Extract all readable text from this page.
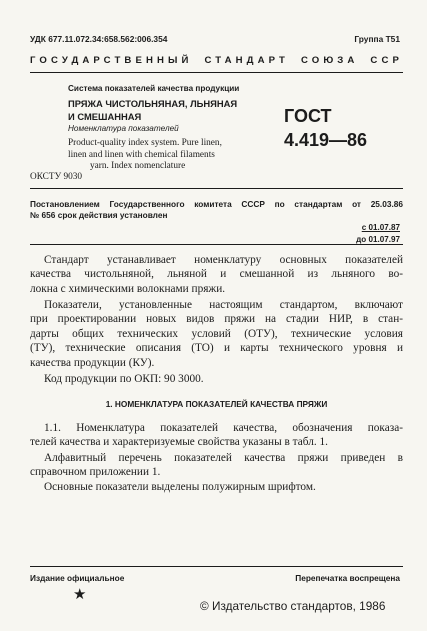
УДК 677.11.072.34:658.562:006.354	Группа Т51
ГОСУДАРСТВЕННЫЙ СТАНДАРТ СОЮЗА ССР
Система показателей качества продукции
ПРЯЖА ЧИСТОЛЬНЯНАЯ, ЛЬНЯНАЯ
И СМЕШАННАЯ
Номенклатура показателей
Product-quality index system. Pure linen,
linen and linen with chemical filaments
yarn. Index nomenclature
ОКСТУ 9030
ГОСТ
4.419—86
Постановлением Государственного комитета СССР по стандартам от 25.03.86
№ 656 срок действия установлен
с 01.07.87
до 01.07.97
Стандарт устанавливает номенклатуру основных показателей
качества чистольняной, льняной и смешанной из льняного во-
локна с химическими волокнами пряжи.
Показатели, установленные настоящим стандартом, включают
при проектировании новых видов пряжи на стадии НИР, в стан-
дарты общих технических условий (ОТУ), технические условия
(ТУ), технические описания (ТО) и карты технического уровня и
качества продукции (КУ).
Код продукции по ОКП: 90 3000.
1. НОМЕНКЛАТУРА ПОКАЗАТЕЛЕЙ КАЧЕСТВА ПРЯЖИ
1.1. Номенклатура показателей качества, обозначения показа-
телей качества и характеризуемые свойства указаны в табл. 1.
Алфавитный перечень показателей качества пряжи приведен в
справочном приложении 1.
Основные показатели выделены полужирным шрифтом.
Издание официальное	Перепечатка воспрещена
★
© Издательство стандартов, 1986
